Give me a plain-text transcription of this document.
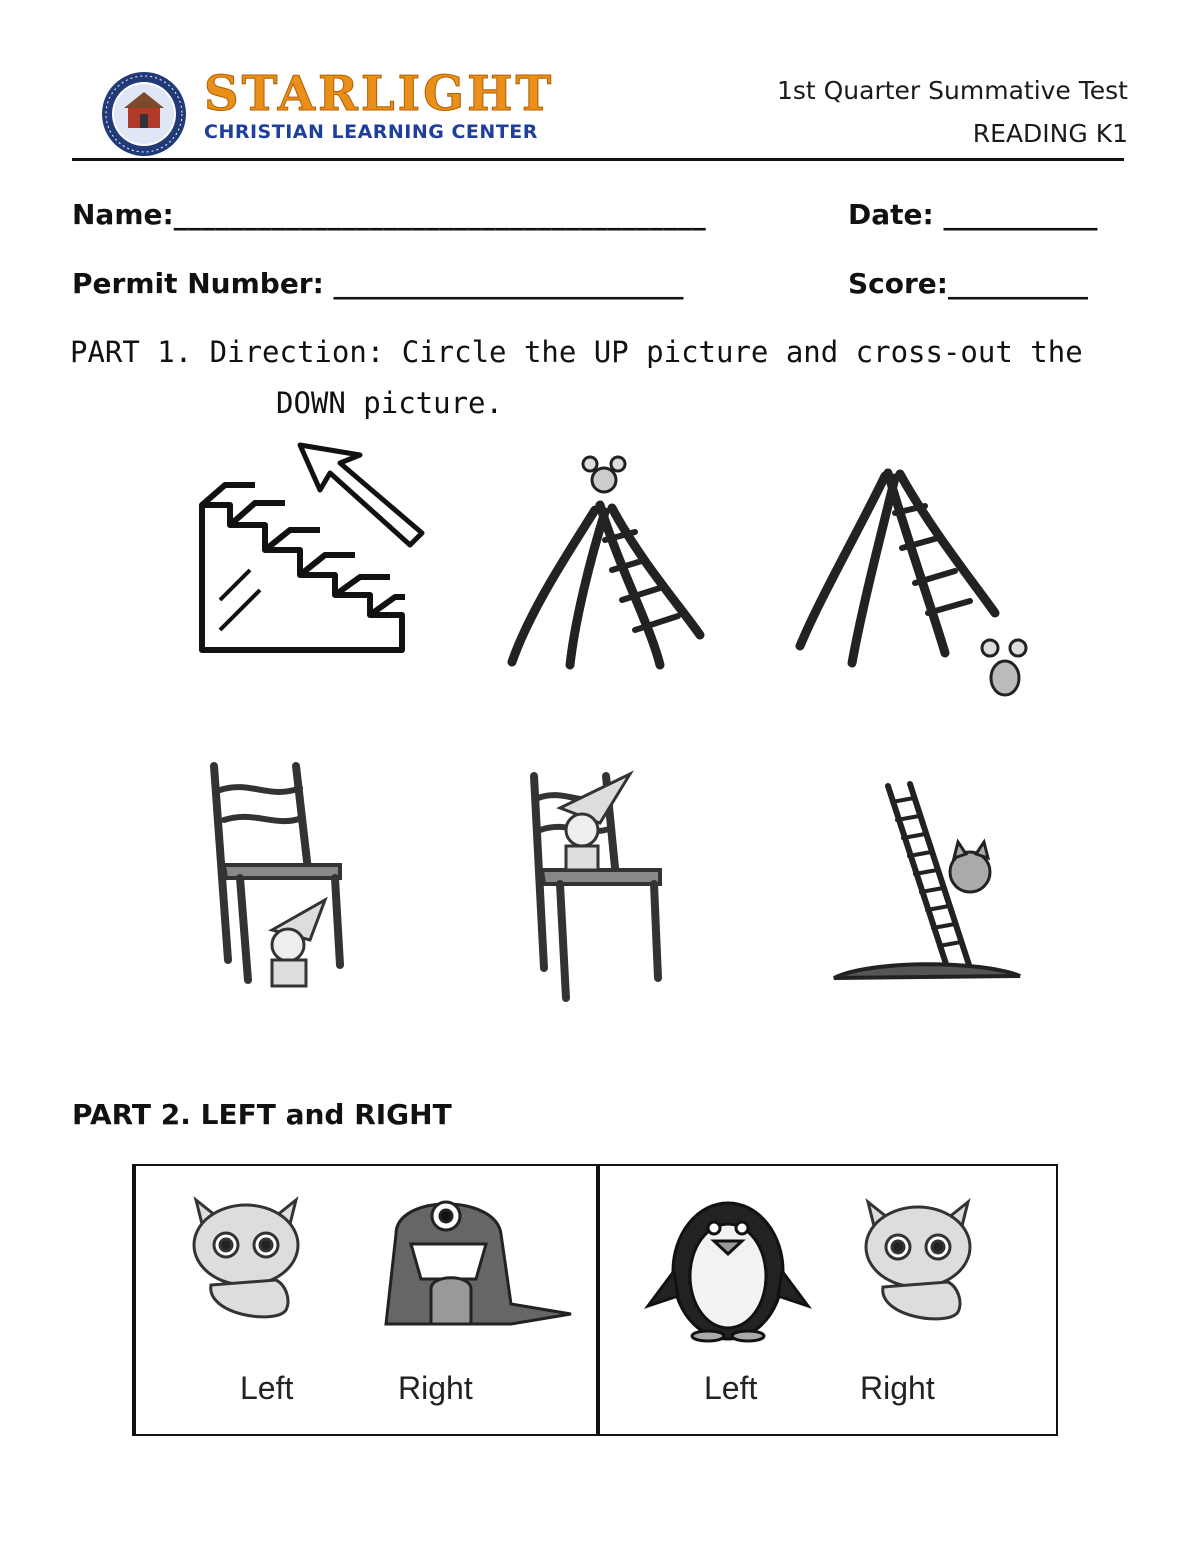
STARLIGHT
CHRISTIAN LEARNING CENTER
1st Quarter Summative Test
READING K1
Name:______________________________________	Date: ___________
Permit Number: _________________________	Score:__________
PART 1. Direction: Circle the UP picture and cross-out the
DOWN picture.
PART 2. LEFT and RIGHT
Left	Right	Left	Right
